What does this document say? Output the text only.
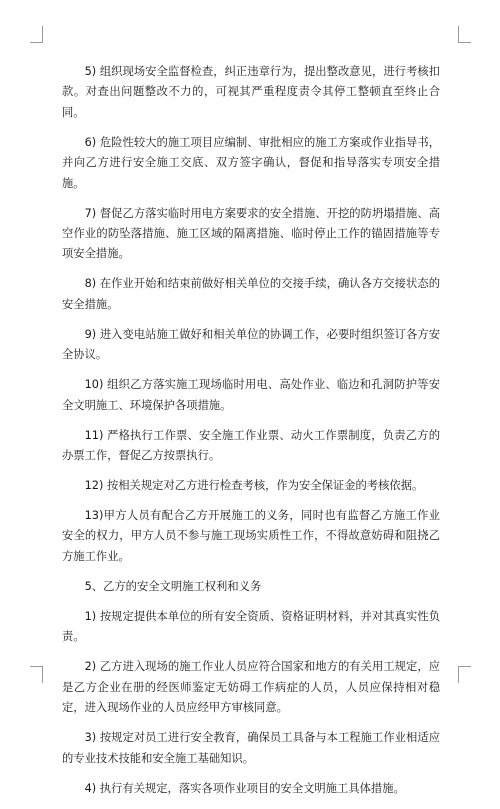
5) 组织现场安全监督检查，纠正违章行为，提出整改意见，进行考核扣款。对查出问题整改不力的，可视其严重程度责令其停工整顿直至终止合同。

6) 危险性较大的施工项目应编制、审批相应的施工方案或作业指导书，并向乙方进行安全施工交底、双方签字确认，督促和指导落实专项安全措施。

7) 督促乙方落实临时用电方案要求的安全措施、开挖的防坍塌措施、高空作业的防坠落措施、施工区域的隔离措施、临时停止工作的锚固措施等专项安全措施。

8) 在作业开始和结束前做好相关单位的交接手续，确认各方交接状态的安全措施。

9) 进入变电站施工做好和相关单位的协调工作，必要时组织签订各方安全协议。

10) 组织乙方落实施工现场临时用电、高处作业、临边和孔洞防护等安全文明施工、环境保护各项措施。

11) 严格执行工作票、安全施工作业票、动火工作票制度，负责乙方的办票工作，督促乙方按票执行。

12) 按相关规定对乙方进行检查考核，作为安全保证金的考核依据。

13)甲方人员有配合乙方开展施工的义务，同时也有监督乙方施工作业安全的权力，甲方人员不参与施工现场实质性工作，不得故意妨碍和阻挠乙方施工作业。

5、乙方的安全文明施工权利和义务

1) 按规定提供本单位的所有安全资质、资格证明材料，并对其真实性负责。

2) 乙方进入现场的施工作业人员应符合国家和地方的有关用工规定，应是乙方企业在册的经医师鉴定无妨碍工作病症的人员，人员应保持相对稳定，进入现场作业的人员应经甲方审核同意。

3) 按规定对员工进行安全教育，确保员工具备与本工程施工作业相适应的专业技术技能和安全施工基础知识。

4) 执行有关规定，落实各项作业项目的安全文明施工具体措施。
